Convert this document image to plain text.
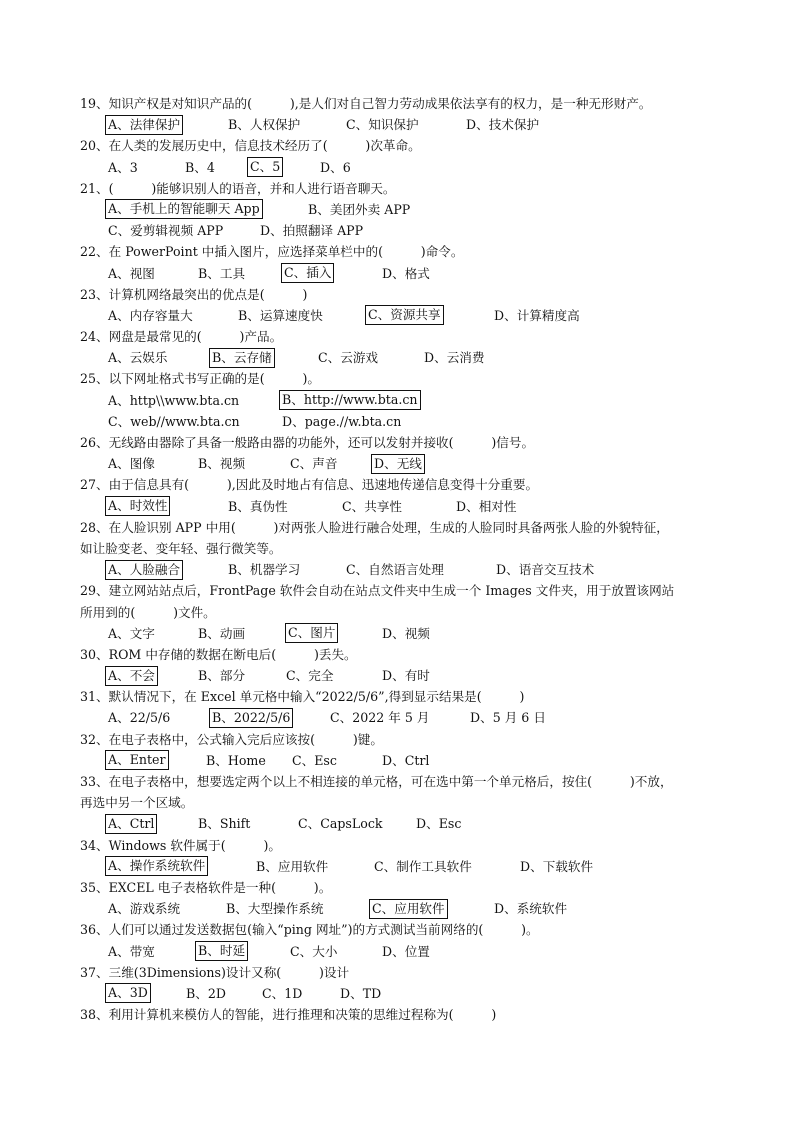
19、知识产权是对知识产品的(　　　),是人们对自己智力劳动成果依法享有的权力，是一种无形财产。
A、法律保护	B、人权保护	C、知识保护	D、技术保护
20、在人类的发展历史中，信息技术经历了(　　　)次革命。
A、3	B、4	C、5	D、6
21、(　　　)能够识别人的语音，并和人进行语音聊天。
A、手机上的智能聊天 App	B、美团外卖 APP
C、爱剪辑视频 APP	D、拍照翻译 APP
22、在 PowerPoint 中插入图片，应选择菜单栏中的(　　　)命令。
A、视图	B、工具	C、插入	D、格式
23、计算机网络最突出的优点是(　　　)
A、内存容量大	B、运算速度快	C、资源共享	D、计算精度高
24、网盘是最常见的(　　　)产品。
A、云娱乐	B、云存储	C、云游戏	D、云消费
25、以下网址格式书写正确的是(　　　)。
A、http\\www.bta.cn	B、http://www.bta.cn
C、web//www.bta.cn	D、page.//w.bta.cn
26、无线路由器除了具备一般路由器的功能外，还可以发射并接收(　　　)信号。
A、图像	B、视频	C、声音	D、无线
27、由于信息具有(　　　),因此及时地占有信息、迅速地传递信息变得十分重要。
A、时效性	B、真伪性	C、共享性	D、相对性
28、在人脸识别 APP 中用(　　　)对两张人脸进行融合处理，生成的人脸同时具备两张人脸的外貌特征，
如让脸变老、变年轻、强行微笑等。
A、人脸融合	B、机器学习	C、自然语言处理	D、语音交互技术
29、建立网站站点后，FrontPage 软件会自动在站点文件夹中生成一个 Images 文件夹，用于放置该网站
所用到的(　　　)文件。
A、文字	B、动画	C、图片	D、视频
30、ROM 中存储的数据在断电后(　　　)丢失。
A、不会	B、部分	C、完全	D、有时
31、默认情况下，在 Excel 单元格中输入“2022/5/6”,得到显示结果是(　　　)
A、22/5/6	B、2022/5/6	C、2022 年 5 月	D、5 月 6 日
32、在电子表格中，公式输入完后应该按(　　　)键。
A、Enter	B、Home C、Esc	D、Ctrl
33、在电子表格中，想要选定两个以上不相连接的单元格，可在选中第一个单元格后，按住(　　　)不放，
再选中另一个区域。
A、Ctrl	B、Shift	C、CapsLock	D、Esc
34、Windows 软件属于(　　　)。
A、操作系统软件	B、应用软件	C、制作工具软件	D、下载软件
35、EXCEL 电子表格软件是一种(　　　)。
A、游戏系统	B、大型操作系统	C、应用软件	D、系统软件
36、人们可以通过发送数据包(输入“ping 网址”)的方式测试当前网络的(　　　)。
A、带宽	B、时延	C、大小	D、位置
37、三维(3Dimensions)设计又称(　　　)设计
A、3D	B、2D	C、1D	D、TD
38、利用计算机来模仿人的智能，进行推理和决策的思维过程称为(　　　)
